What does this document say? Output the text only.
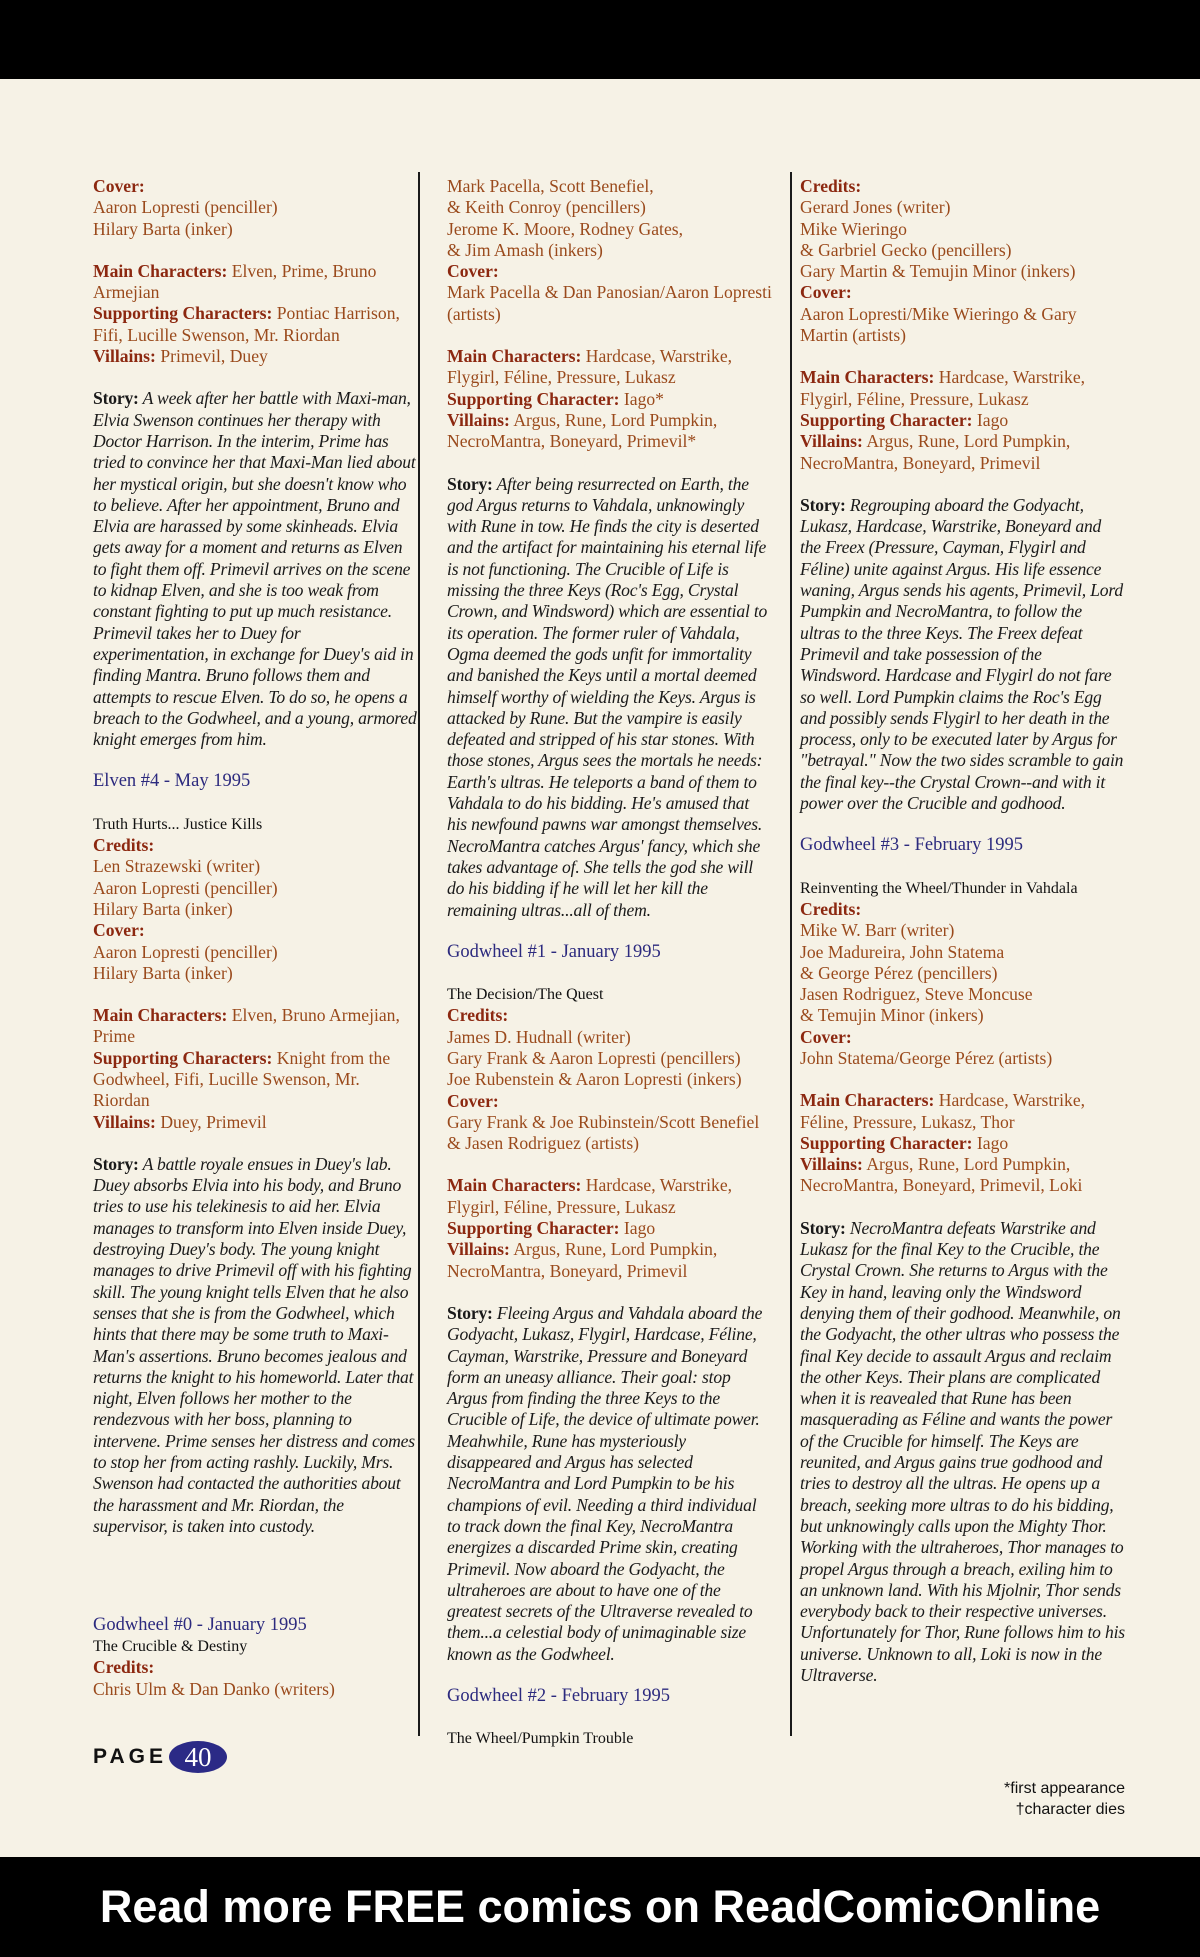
Cover:
Aaron Lopresti (penciller)
Hilary Barta (inker)
Main Characters: Elven, Prime, Bruno Armejian
Supporting Characters: Pontiac Harrison, Fifi, Lucille Swenson, Mr. Riordan
Villains: Primevil, Duey
Story: A week after her battle with Maxi-man, Elvia Swenson continues her therapy with Doctor Harrison. In the interim, Prime has tried to convince her that Maxi-Man lied about her mystical origin, but she doesn't know who to believe. After her appointment, Bruno and Elvia are harassed by some skinheads. Elvia gets away for a moment and returns as Elven to fight them off. Primevil arrives on the scene to kidnap Elven, and she is too weak from constant fighting to put up much resistance. Primevil takes her to Duey for experimentation, in exchange for Duey's aid in finding Mantra. Bruno follows them and attempts to rescue Elven. To do so, he opens a breach to the Godwheel, and a young, armored knight emerges from him.
Elven #4 - May 1995
Truth Hurts... Justice Kills
Credits:
Len Strazewski (writer)
Aaron Lopresti (penciller)
Hilary Barta (inker)
Cover:
Aaron Lopresti (penciller)
Hilary Barta (inker)
Main Characters: Elven, Bruno Armejian, Prime
Supporting Characters: Knight from the Godwheel, Fifi, Lucille Swenson, Mr. Riordan
Villains: Duey, Primevil
Story: A battle royale ensues in Duey's lab. Duey absorbs Elvia into his body, and Bruno tries to use his telekinesis to aid her. Elvia manages to transform into Elven inside Duey, destroying Duey's body. The young knight manages to drive Primevil off with his fighting skill. The young knight tells Elven that he also senses that she is from the Godwheel, which hints that there may be some truth to Maxi-Man's assertions. Bruno becomes jealous and returns the knight to his homeworld. Later that night, Elven follows her mother to the rendezvous with her boss, planning to intervene. Prime senses her distress and comes to stop her from acting rashly. Luckily, Mrs. Swenson had contacted the authorities about the harassment and Mr. Riordan, the supervisor, is taken into custody.
Godwheel #0 - January 1995
The Crucible & Destiny
Credits:
Chris Ulm & Dan Danko (writers)
Mark Pacella, Scott Benefiel,
& Keith Conroy (pencillers)
Jerome K. Moore, Rodney Gates,
& Jim Amash (inkers)
Cover:
Mark Pacella & Dan Panosian/Aaron Lopresti (artists)
Main Characters: Hardcase, Warstrike, Flygirl, Féline, Pressure, Lukasz
Supporting Character: Iago*
Villains: Argus, Rune, Lord Pumpkin, NecroMantra, Boneyard, Primevil*
Story: After being resurrected on Earth, the god Argus returns to Vahdala, unknowingly with Rune in tow. He finds the city is deserted and the artifact for maintaining his eternal life is not functioning. The Crucible of Life is missing the three Keys (Roc's Egg, Crystal Crown, and Windsword) which are essential to its operation. The former ruler of Vahdala, Ogma deemed the gods unfit for immortality and banished the Keys until a mortal deemed himself worthy of wielding the Keys. Argus is attacked by Rune. But the vampire is easily defeated and stripped of his star stones. With those stones, Argus sees the mortals he needs: Earth's ultras. He teleports a band of them to Vahdala to do his bidding. He's amused that his newfound pawns war amongst themselves. NecroMantra catches Argus' fancy, which she takes advantage of. She tells the god she will do his bidding if he will let her kill the remaining ultras...all of them.
Godwheel #1 - January 1995
The Decision/The Quest
Credits:
James D. Hudnall (writer)
Gary Frank & Aaron Lopresti (pencillers)
Joe Rubenstein & Aaron Lopresti (inkers)
Cover:
Gary Frank & Joe Rubinstein/Scott Benefiel & Jasen Rodriguez (artists)
Main Characters: Hardcase, Warstrike, Flygirl, Féline, Pressure, Lukasz
Supporting Character: Iago
Villains: Argus, Rune, Lord Pumpkin, NecroMantra, Boneyard, Primevil
Story: Fleeing Argus and Vahdala aboard the Godyacht, Lukasz, Flygirl, Hardcase, Féline, Cayman, Warstrike, Pressure and Boneyard form an uneasy alliance. Their goal: stop Argus from finding the three Keys to the Crucible of Life, the device of ultimate power. Meahwhile, Rune has mysteriously disappeared and Argus has selected NecroMantra and Lord Pumpkin to be his champions of evil. Needing a third individual to track down the final Key, NecroMantra energizes a discarded Prime skin, creating Primevil. Now aboard the Godyacht, the ultraheroes are about to have one of the greatest secrets of the Ultraverse revealed to them...a celestial body of unimaginable size known as the Godwheel.
Godwheel #2 - February 1995
The Wheel/Pumpkin Trouble
Credits:
Gerard Jones (writer)
Mike Wieringo
& Garbriel Gecko (pencillers)
Gary Martin & Temujin Minor (inkers)
Cover:
Aaron Lopresti/Mike Wieringo & Gary Martin (artists)
Main Characters: Hardcase, Warstrike, Flygirl, Féline, Pressure, Lukasz
Supporting Character: Iago
Villains: Argus, Rune, Lord Pumpkin, NecroMantra, Boneyard, Primevil
Story: Regrouping aboard the Godyacht, Lukasz, Hardcase, Warstrike, Boneyard and the Freex (Pressure, Cayman, Flygirl and Féline) unite against Argus. His life essence waning, Argus sends his agents, Primevil, Lord Pumpkin and NecroMantra, to follow the ultras to the three Keys. The Freex defeat Primevil and take possession of the Windsword. Hardcase and Flygirl do not fare so well. Lord Pumpkin claims the Roc's Egg and possibly sends Flygirl to her death in the process, only to be executed later by Argus for "betrayal." Now the two sides scramble to gain the final key--the Crystal Crown--and with it power over the Crucible and godhood.
Godwheel #3 - February 1995
Reinventing the Wheel/Thunder in Vahdala
Credits:
Mike W. Barr (writer)
Joe Madureira, John Statema
& George Pérez (pencillers)
Jasen Rodriguez, Steve Moncuse
& Temujin Minor (inkers)
Cover:
John Statema/George Pérez (artists)
Main Characters: Hardcase, Warstrike, Féline, Pressure, Lukasz, Thor
Supporting Character: Iago
Villains: Argus, Rune, Lord Pumpkin, NecroMantra, Boneyard, Primevil, Loki
Story: NecroMantra defeats Warstrike and Lukasz for the final Key to the Crucible, the Crystal Crown. She returns to Argus with the Key in hand, leaving only the Windsword denying them of their godhood. Meanwhile, on the Godyacht, the other ultras who possess the final Key decide to assault Argus and reclaim the other Keys. Their plans are complicated when it is reavealed that Rune has been masquerading as Féline and wants the power of the Crucible for himself. The Keys are reunited, and Argus gains true godhood and tries to destroy all the ultras. He opens up a breach, seeking more ultras to do his bidding, but unknowingly calls upon the Mighty Thor. Working with the ultraheroes, Thor manages to propel Argus through a breach, exiling him to an unknown land. With his Mjolnir, Thor sends everybody back to their respective universes. Unfortunately for Thor, Rune follows him to his universe. Unknown to all, Loki is now in the Ultraverse.
PAGE 40
*first appearance
†character dies
Read more FREE comics on ReadComicOnline
